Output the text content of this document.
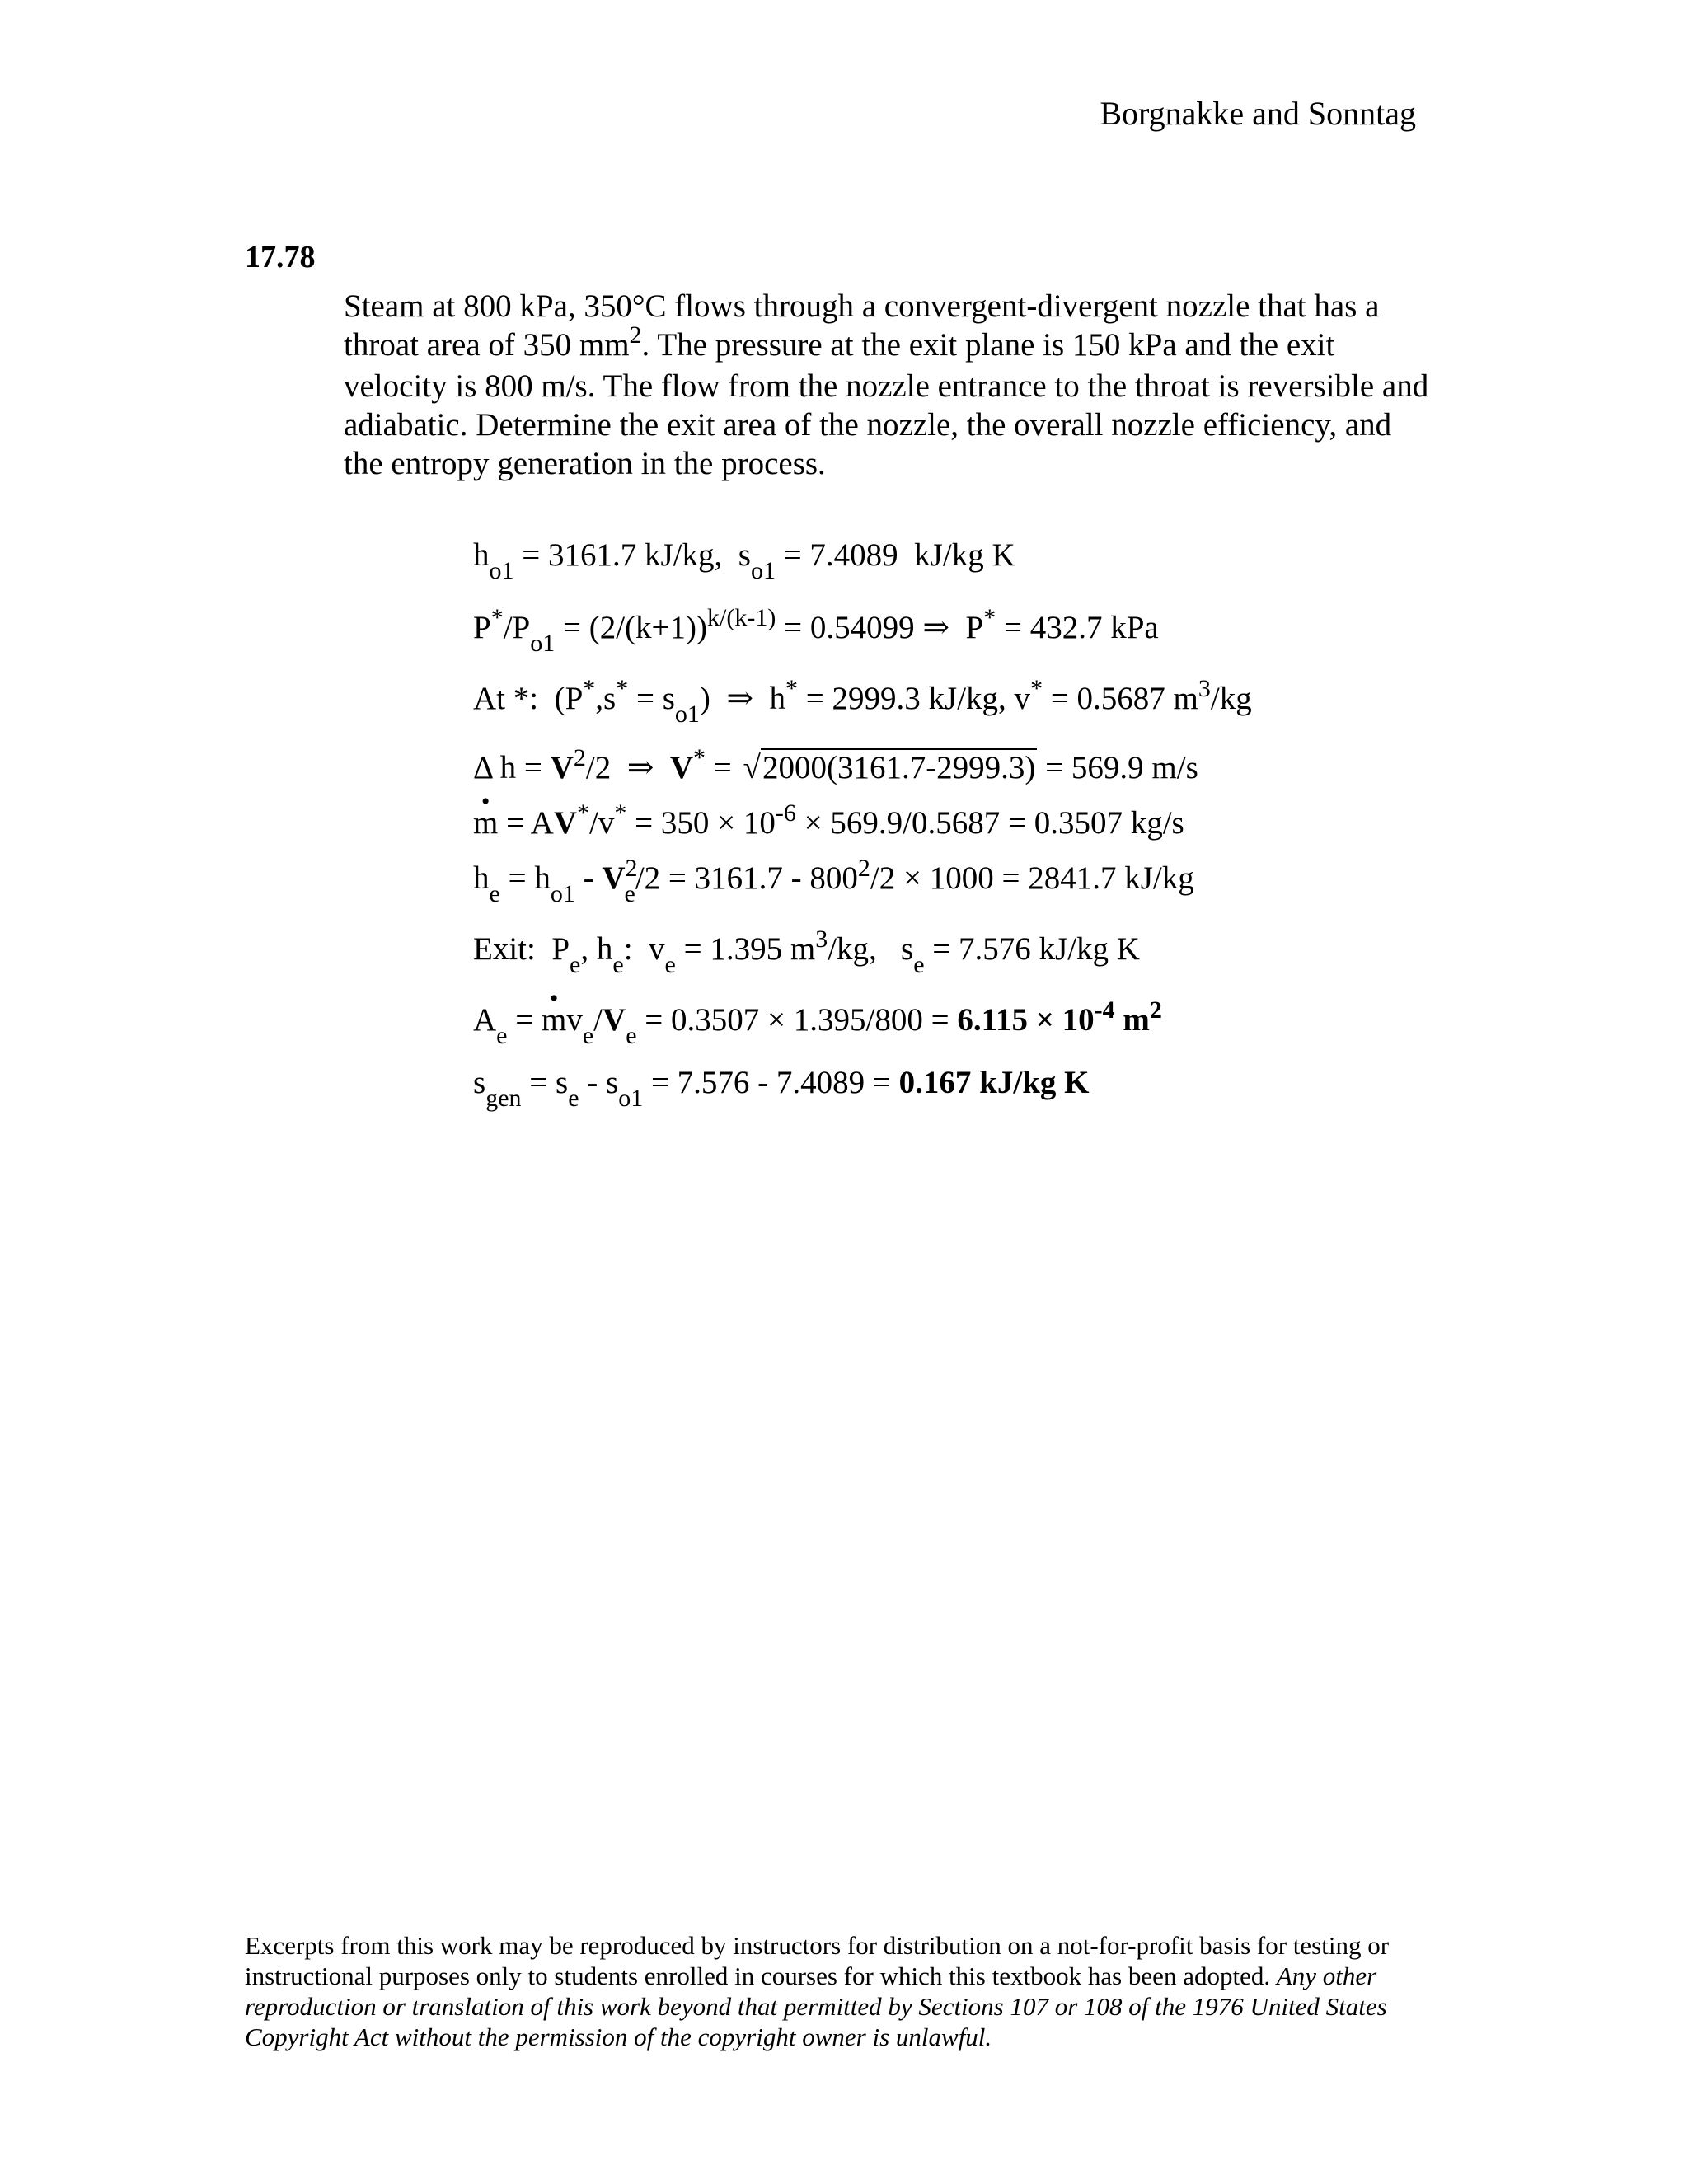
Borgnakke and Sonntag
17.78
Steam at 800 kPa, 350°C flows through a convergent-divergent nozzle that has a throat area of 350 $mm^2$. The pressure at the exit plane is 150 kPa and the exit velocity is 800 m/s. The flow from the nozzle entrance to the throat is reversible and adiabatic. Determine the exit area of the nozzle, the overall nozzle efficiency, and the entropy generation in the process.
$h_{o1} = 3161.7$ kJ/kg,  $s_{o1} = 7.4089$  kJ/kg K
$P^*/P_{o1} = (2/(k+1))^{k/(k-1)} = 0.54099$ ⇒  P* = 432.7 kPa
At *:  $(P^*,s^* = s_{o1})$  ⇒  h* = 2999.3 kJ/kg, v* = 0.5687 $m^3/kg$
Δ $h = V^2/2$  ⇒  V* = √2000(3161.7-2999.3) = 569.9 m/s
• $m = AV^*/v^* = 350 \times 10^{-6} \times 569.9/0.5687 = 0.3507$ kg/s
$h_e = h_{o1} - V^2_e/2 = 3161.7 - 800^2/2 \times 1000 = 2841.7$ kJ/kg
Exit:  $P_e$, $h_e$:  $v_e = 1.395$ $m^3/kg$,   $s_e = 7.576$ kJ/kg K
$A_e$ = • $mv_e/V_e = 0.3507 \times 1.395/800 = 6.115 \times 10^{-4}$ $m^2$
$s_{gen} = s_e - s_{o1} = 7.576 - 7.4089 = 0.167$ kJ/kg K
Excerpts from this work may be reproduced by instructors for distribution on a not-for-profit basis for testing or instructional purposes only to students enrolled in courses for which this textbook has been adopted. Any other reproduction or translation of this work beyond that permitted by Sections 107 or 108 of the 1976 United States Copyright Act without the permission of the copyright owner is unlawful.
